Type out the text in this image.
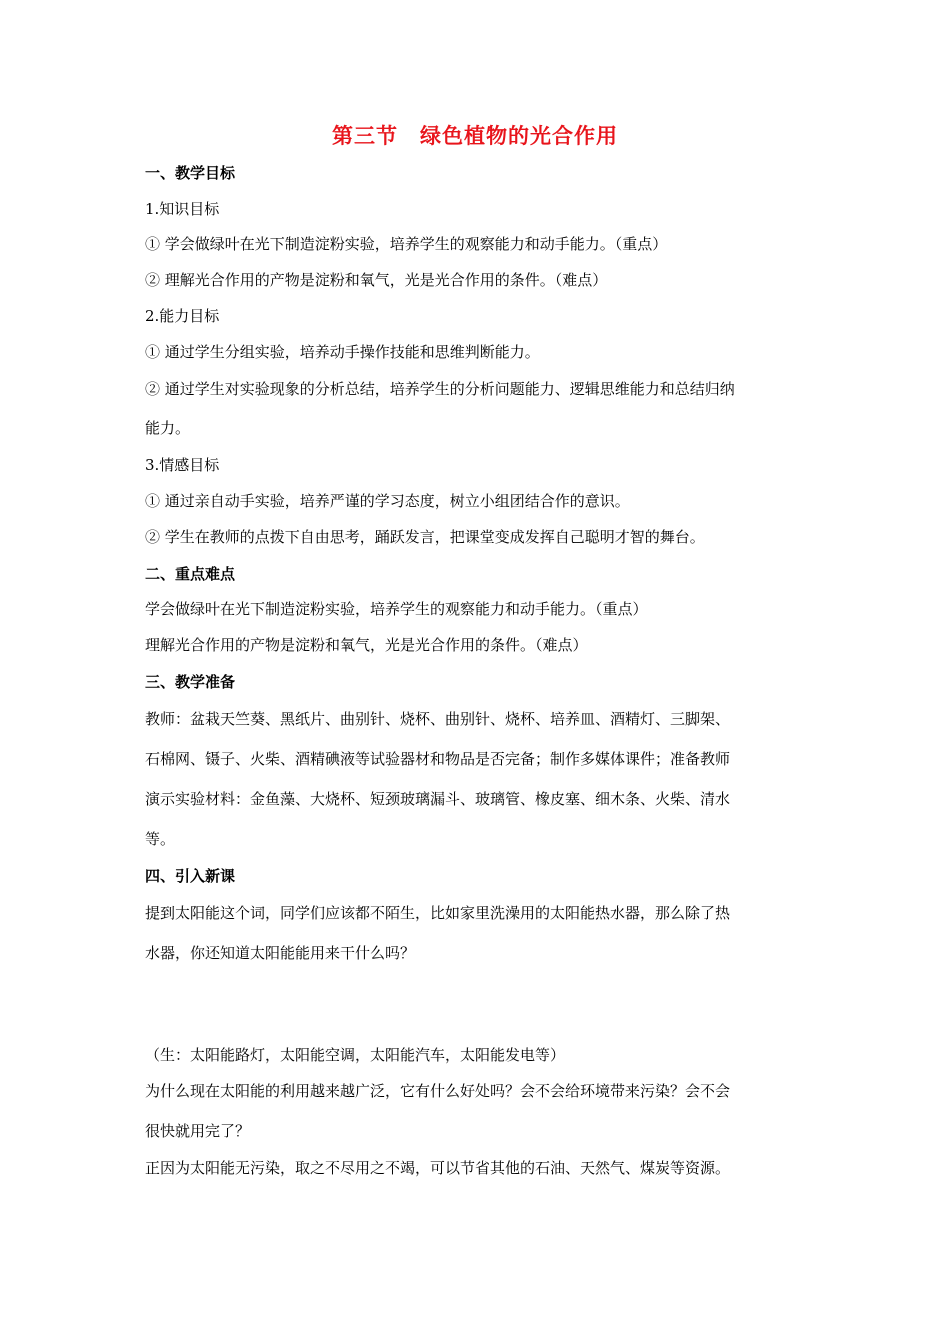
第三节　绿色植物的光合作用
一、教学目标
1.知识目标
① 学会做绿叶在光下制造淀粉实验，培养学生的观察能力和动手能力。（重点）
② 理解光合作用的产物是淀粉和氧气，光是光合作用的条件。（难点）
2.能力目标
① 通过学生分组实验，培养动手操作技能和思维判断能力。
② 通过学生对实验现象的分析总结，培养学生的分析问题能力、逻辑思维能力和总结归纳
能力。
3.情感目标
① 通过亲自动手实验，培养严谨的学习态度，树立小组团结合作的意识。
② 学生在教师的点拨下自由思考，踊跃发言，把课堂变成发挥自己聪明才智的舞台。
二、重点难点
学会做绿叶在光下制造淀粉实验，培养学生的观察能力和动手能力。（重点）
理解光合作用的产物是淀粉和氧气，光是光合作用的条件。（难点）
三、教学准备
教师：盆栽天竺葵、黑纸片、曲别针、烧杯、曲别针、烧杯、培养皿、酒精灯、三脚架、
石棉网、镊子、火柴、酒精碘液等试验器材和物品是否完备；制作多媒体课件；准备教师
演示实验材料：金鱼藻、大烧杯、短颈玻璃漏斗、玻璃管、橡皮塞、细木条、火柴、清水
等。
四、引入新课
提到太阳能这个词，同学们应该都不陌生，比如家里洗澡用的太阳能热水器，那么除了热
水器，你还知道太阳能能用来干什么吗？
（生：太阳能路灯，太阳能空调，太阳能汽车，太阳能发电等）
为什么现在太阳能的利用越来越广泛，它有什么好处吗？会不会给环境带来污染？会不会
很快就用完了？
正因为太阳能无污染，取之不尽用之不竭，可以节省其他的石油、天然气、煤炭等资源。
